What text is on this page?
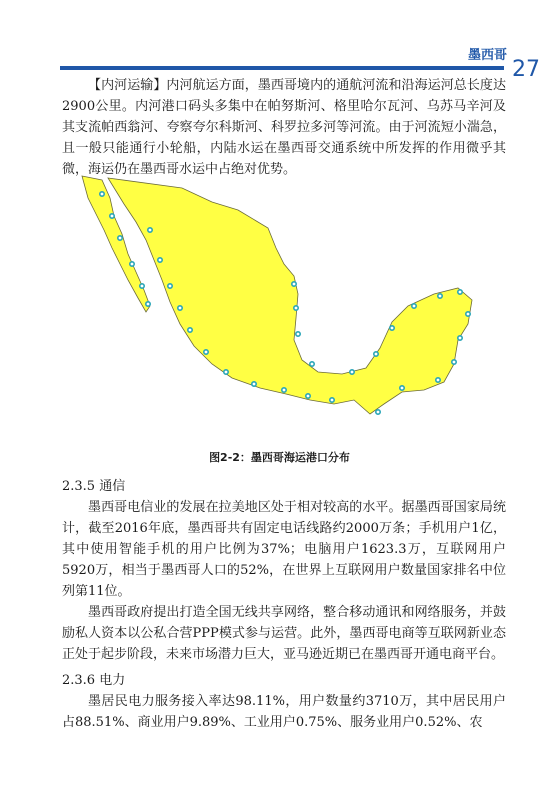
墨西哥
27

【内河运输】内河航运方面，墨西哥境内的通航河流和沿海运河总长度达2900公里。内河港口码头多集中在帕努斯河、格里哈尔瓦河、乌苏马辛河及其支流帕西翁河、夸察夸尔科斯河、科罗拉多河等河流。由于河流短小湍急，且一般只能通行小轮船，内陆水运在墨西哥交通系统中所发挥的作用微乎其微，海运仍在墨西哥水运中占绝对优势。

图2-2：墨西哥海运港口分布

2.3.5 通信

墨西哥电信业的发展在拉美地区处于相对较高的水平。据墨西哥国家局统计，截至2016年底，墨西哥共有固定电话线路约2000万条；手机用户1亿，其中使用智能手机的用户比例为37%；电脑用户1623.3万，互联网用户5920万，相当于墨西哥人口的52%，在世界上互联网用户数量国家排名中位列第11位。

墨西哥政府提出打造全国无线共享网络，整合移动通讯和网络服务，并鼓励私人资本以公私合营PPP模式参与运营。此外，墨西哥电商等互联网新业态正处于起步阶段，未来市场潜力巨大，亚马逊近期已在墨西哥开通电商平台。

2.3.6 电力

墨居民电力服务接入率达98.11%，用户数量约3710万，其中居民用户占88.51%、商业用户9.89%、工业用户0.75%、服务业用户0.52%、农
